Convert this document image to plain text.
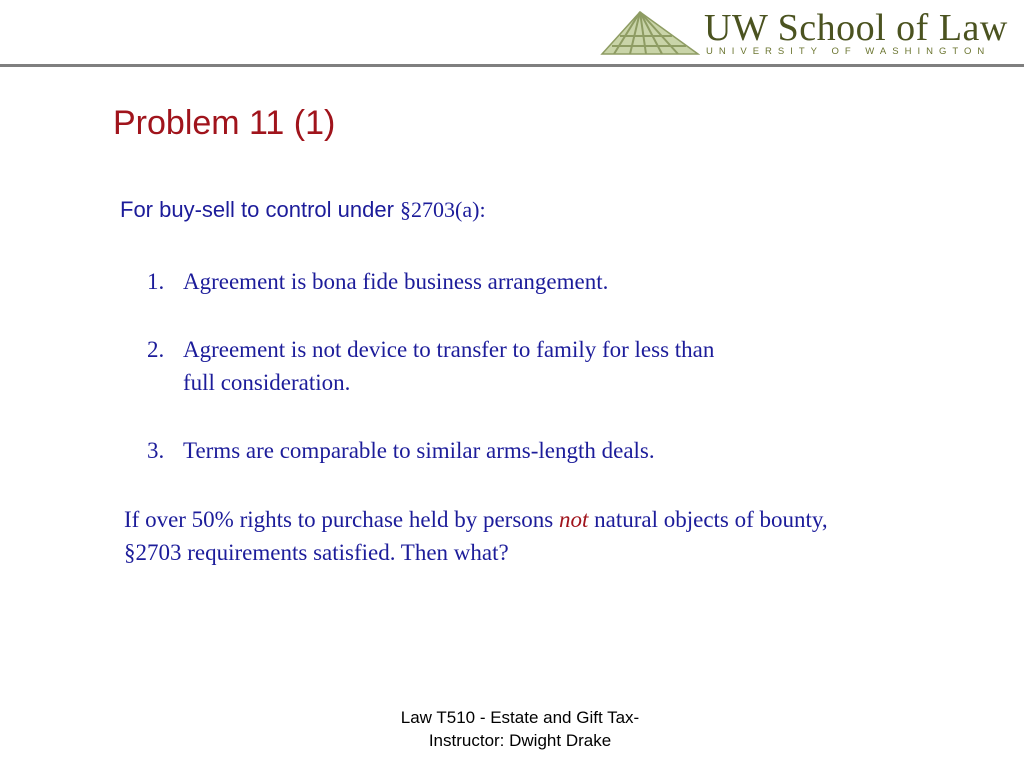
UW School of Law
UNIVERSITY OF WASHINGTON
Problem 11 (1)
For buy-sell to control under §2703(a):
1. Agreement is bona fide business arrangement.
2. Agreement is not device to transfer to family for less than
full consideration.
3. Terms are comparable to similar arms-length deals.
If over 50% rights to purchase held by persons not natural objects of bounty, §2703 requirements satisfied. Then what?
Law T510 - Estate and Gift Tax-
Instructor: Dwight Drake
